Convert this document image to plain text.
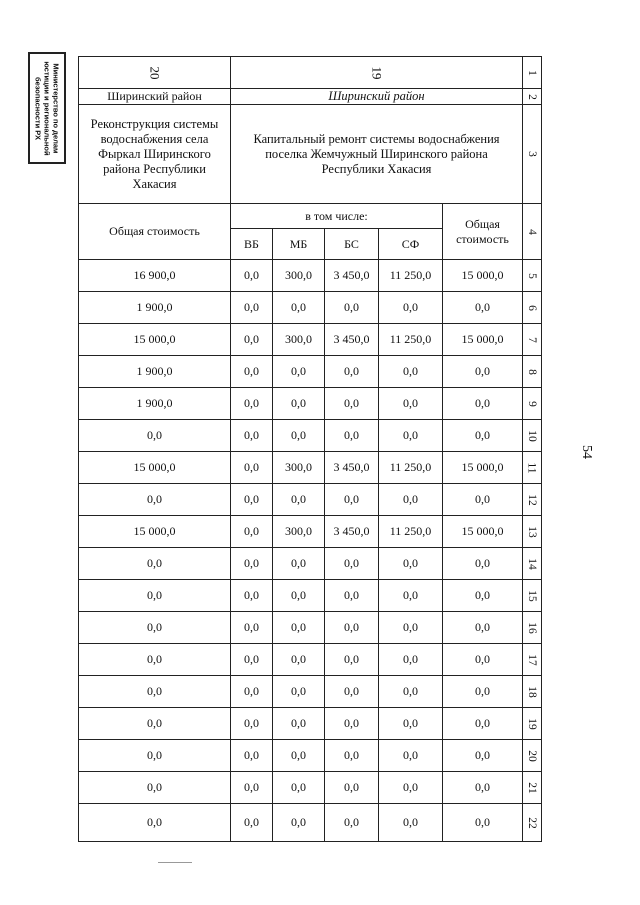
Министерство по делам
юстиции и региональной
безопасности РХ
54
20	19					1
Ширинский район	Ширинский район					2
Реконструкция системы водоснабжения села Фыркал Ширинского района Республики Хакасия	Капитальный ремонт системы водоснабжения поселка Жемчужный Ширинского района Республики Хакасия					3
Общая стоимость	в том числе:				Общая стоимость	4
	ВБ	МБ	БС	СФ		
16 900,0	0,0	300,0	3 450,0	11 250,0	15 000,0	5
1 900,0	0,0	0,0	0,0	0,0	0,0	6
15 000,0	0,0	300,0	3 450,0	11 250,0	15 000,0	7
1 900,0	0,0	0,0	0,0	0,0	0,0	8
1 900,0	0,0	0,0	0,0	0,0	0,0	9
0,0	0,0	0,0	0,0	0,0	0,0	10
15 000,0	0,0	300,0	3 450,0	11 250,0	15 000,0	11
0,0	0,0	0,0	0,0	0,0	0,0	12
15 000,0	0,0	300,0	3 450,0	11 250,0	15 000,0	13
0,0	0,0	0,0	0,0	0,0	0,0	14
0,0	0,0	0,0	0,0	0,0	0,0	15
0,0	0,0	0,0	0,0	0,0	0,0	16
0,0	0,0	0,0	0,0	0,0	0,0	17
0,0	0,0	0,0	0,0	0,0	0,0	18
0,0	0,0	0,0	0,0	0,0	0,0	19
0,0	0,0	0,0	0,0	0,0	0,0	20
0,0	0,0	0,0	0,0	0,0	0,0	21
0,0	0,0	0,0	0,0	0,0	0,0	22
